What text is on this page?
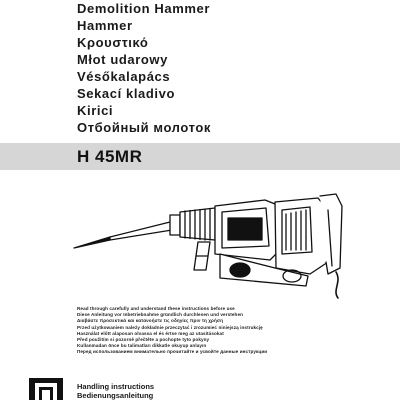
Demolition Hammer
Hammer
Κρουστικό
Młot udarowy
Vésőkalapács
Sekací kladivo
Kirici
Отбойный молоток
H 45MR
Read through carefully and understand these instructions before use
Diese Anleitung vor Inbetriebnahme gründlich durchlesen und verstehen
Διαβάστε προσεκτικά και κατανοήστε τις οδηγίες πριν τη χρήση
Przed użytkowaniem należy dokładnie przeczytać i zrozumieć niniejszą instrukcję
Használat előtt alaposan olvassa el és értse meg az utasításokat
Před použitím si pozorně přečtěte a pochopte tyto pokyny
Kullanmadan önce bu talimatları dikkatle okuyup anlayın
Перед использованием внимательно прочитайте и усвойте данные инструкции
Handling instructions
Bedienungsanleitung
